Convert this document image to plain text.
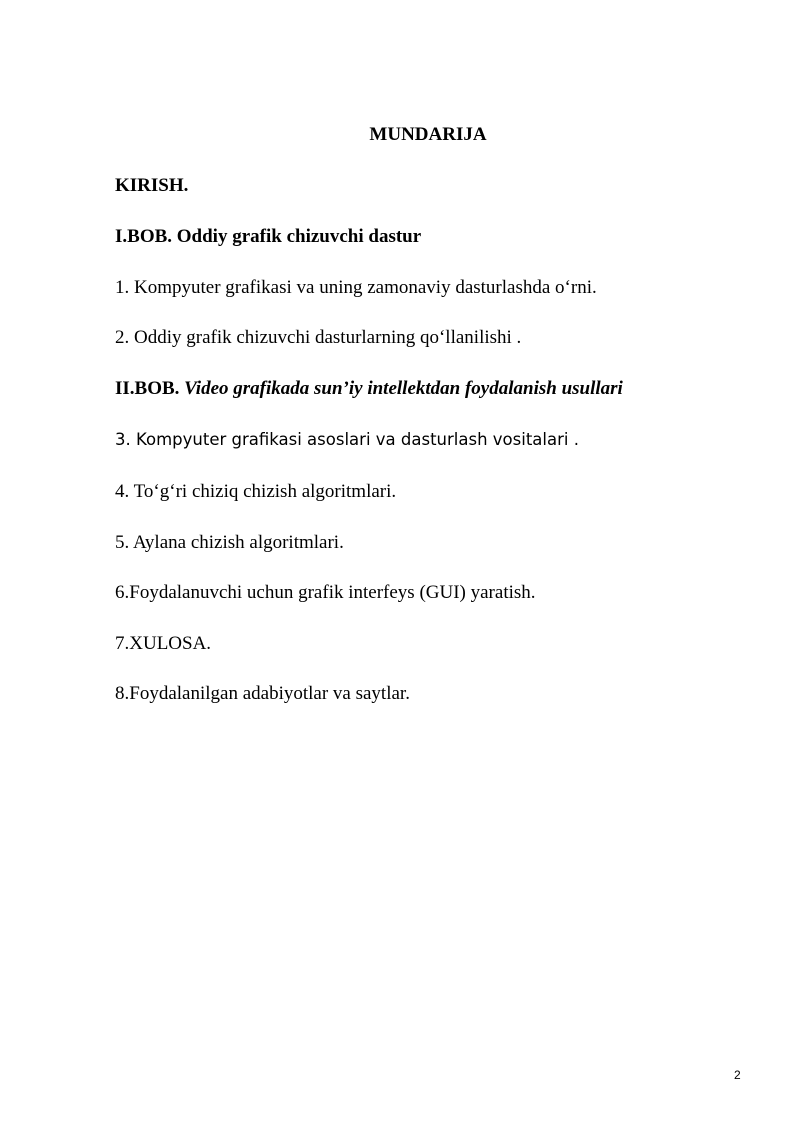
MUNDARIJA
KIRISH.
I.BOB. Oddiy grafik chizuvchi dastur
1. Kompyuter grafikasi va uning zamonaviy dasturlashda o‘rni.
2. Oddiy grafik chizuvchi dasturlarning qo‘llanilishi .
II.BOB. Video grafikada sun’iy intellektdan foydalanish usullari
3. Kompyuter grafikasi asoslari va dasturlash vositalari .
4. To‘g‘ri chiziq chizish algoritmlari.
5. Aylana chizish algoritmlari.
6.Foydalanuvchi uchun grafik interfeys (GUI) yaratish.
7.XULOSA.
8.Foydalanilgan adabiyotlar va saytlar.
2
